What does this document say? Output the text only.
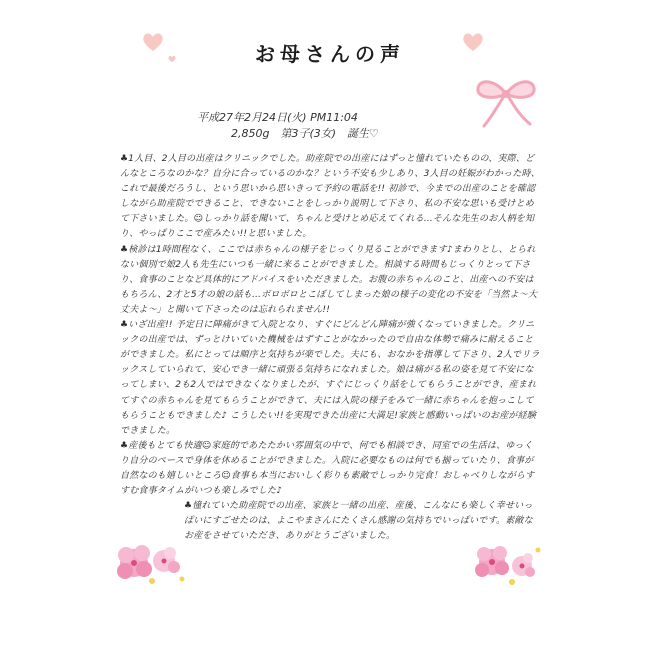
お母さんの声
平成27年2月24日(火) PM11:04
2,850g　第3子(3女)　誕生♡

♣1人目、2人目の出産はクリニックでした。助産院での出産にはずっと憧れていたものの、実際、どんなところなのかな？自分に合っているのかな？という不安も少しあり、3人目の妊娠がわかった時、これで最後だろうし、という思いから思いきって予約の電話を!! 初診で、今までの出産のことを確認しながら助産院でできること、できないことをしっかり説明して下さり、私の不安な思いも受けとめて下さいました。☺しっかり話を聞いて、ちゃんと受けとめ応えてくれる…そんな先生のお人柄を知り、やっぱりここで産みたい!!と思いました。

♣検診は1時間程なく、ここでは赤ちゃんの様子をじっくり見ることができます♪まわりとし、とられない個別で娘2人も先生にいつも一緒に来ることができました。相談する時間もじっくりとって下さり、食事のことなど具体的にアドバイスをいただきました。お腹の赤ちゃんのこと、出産への不安はもちろん、2才と5才の娘の話も…ボロボロとこぼしてしまった娘の様子の変化の不安を「当然よ〜大丈夫よ〜」と聞いて下さったのは忘れられません!!

♣いざ出産!! 予定日に陣痛がきて入院となり、すぐにどんどん陣痛が強くなっていきました。クリニックの出産では、ずっとけいていた機械をはずすことがなかったので自由な体勢で痛みに耐えることができました。私にとっては順序と気持ちが楽でした。夫にも、おなかを指導して下さり、2人でリラックスしていられて、安心でき一緒に頑張る気持ちになれました。娘は痛がる私の姿を見て不安になってしまい、2も2人ではできなくなりましたが、すぐにじっくり話をしてもらうことができ、産まれてすぐの赤ちゃんを見てもらうことができて、夫には入院の様子をみて一緒に赤ちゃんを抱っこしてもらうこともできました♪ こうしたい!!を実現できた出産に大満足!家族と感動いっぱいのお産が経験できました。

♣産後もとても快適☺家庭的であたたかい雰囲気の中で、何でも相談でき、同室での生活は、ゆっくり自分のペースで身体を休めることができました。入院に必要なものは何でも揃っていたり、食事が自然なのも嬉しいところ☺食事も本当においしく彩りも素敵でしっかり完食！おしゃべりしながらすすむ食事タイムがいつも楽しみでした♪

♣憧れていた助産院での出産、家族と一緒の出産、産後、こんなにも楽しく幸せいっぱいにすごせたのは、よこやまさんにたくさん感謝の気持ちでいっぱいです。素敵なお産をさせていただき、ありがとうございました。
